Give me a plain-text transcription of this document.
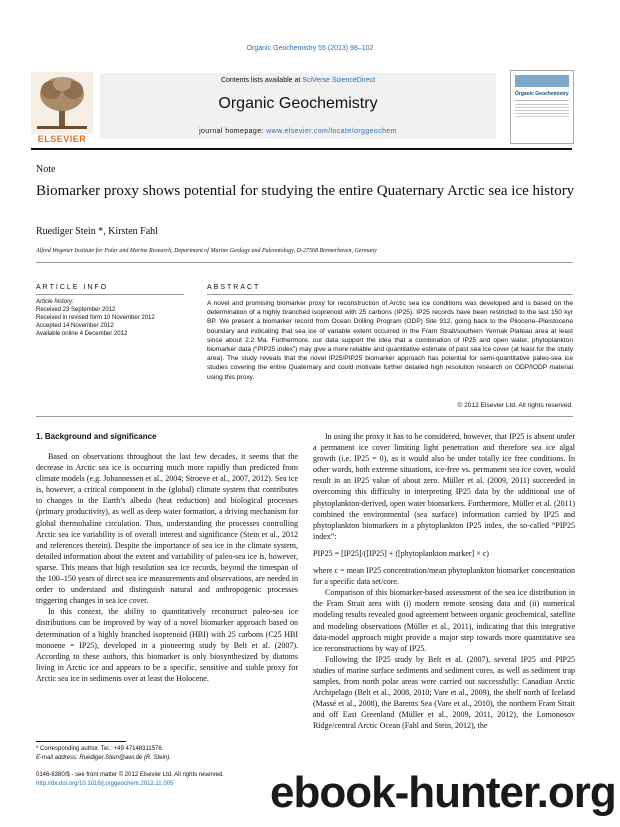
Organic Geochemistry 55 (2013) 98–102
ELSEVIER
Contents lists available at SciVerse ScienceDirect
Organic Geochemistry
journal homepage: www.elsevier.com/locate/orggeochem
Organic Geochemistry
Note
Biomarker proxy shows potential for studying the entire Quaternary Arctic sea ice history
Ruediger Stein *, Kirsten Fahl
Alfred Wegener Institute for Polar and Marine Research, Department of Marine Geology and Paleontology, D-27568 Bremerhaven, Germany
ARTICLE INFO	ABSTRACT
Article history:
Received 23 September 2012
Received in revised form 10 November 2012
Accepted 14 November 2012
Available online 4 December 2012
A novel and promising biomarker proxy for reconstruction of Arctic sea ice conditions was developed and is based on the determination of a highly branched isoprenoid with 25 carbons (IP25). IP25 records have been restricted to the last 150 kyr BP. We present a biomarker record from Ocean Drilling Program (ODP) Site 912, going back to the Pliocene–Pleistocene boundary and indicating that sea ice of variable extent occurred in the Fram Strait/southern Yermak Plateau area at least since about 2.2 Ma. Furthermore, our data support the idea that a combination of IP25 and open water, phytoplankton biomarker data (“PIP25 index”) may give a more reliable and quantitative estimate of past sea ice cover (at least for the study area). The study reveals that the novel IP25/PIP25 biomarker approach has potential for semi-quantitative paleo-sea ice studies covering the entire Quaternary and could motivate further detailed high resolution research on ODP/IODP material using this proxy.
© 2012 Elsevier Ltd. All rights reserved.
1. Background and significance

Based on observations throughout the last few decades, it seems that the decrease in Arctic sea ice is occurring much more rapidly than predicted from climate models (e.g. Johannessen et al., 2004; Stroeve et al., 2007, 2012). Sea ice is, however, a critical component in the (global) climate system that contributes to changes in the Earth’s albedo (heat reduction) and biological processes (primary productivity), as well as deep water formation, a driving mechanism for global thermohaline circulation. Thus, understanding the processes controlling Arctic sea ice variability is of overall interest and significance (Stein et al., 2012 and references therein). Despite the importance of sea ice in the climate system, detailed information about the extent and variability of paleo-sea ice is, however, sparse. This means that high resolution sea ice records, beyond the timespan of the 100–150 years of direct sea ice measurements and observations, are needed in order to understand and distinguish natural and anthropogenic processes triggering changes in sea ice cover.

In this context, the ability to quantitatively reconstruct paleo-sea ice distributions can be improved by way of a novel biomarker approach based on determination of a highly branched isoprenoid (HBI) with 25 carbons (C25 HBI monoene = IP25), developed in a pioneering study by Belt et al. (2007). According to these authors, this biomarker is only biosynthesized by diatoms living in Arctic ice and appears to be a specific, sensitive and stable proxy for Arctic sea ice in sediments over at least the Holocene.

In using the proxy it has to be considered, however, that IP25 is absent under a permanent ice cover limiting light penetration and therefore sea ice algal growth (i.e. IP25 = 0), as it would also be under totally ice free conditions. In other words, both extreme situations, ice-free vs. permanent sea ice cover, would result in an IP25 value of about zero. Müller et al. (2009, 2011) succeeded in overcoming this difficulty in interpreting IP25 data by the additional use of phytoplankton-derived, open water biomarkers. Furthermore, Müller et al. (2011) combined the environmental (sea surface) information carried by IP25 and phytoplankton biomarkers in a phytoplankton IP25 index, the so-called “PIP25 index”:

PIP25 = [IP25]/([IP25] + ([phytoplankton marker] × c)

where c = mean IP25 concentration/mean phytoplankton biomarker concentration for a specific data set/core.

Comparison of this biomarker-based assessment of the sea ice distribution in the Fram Strait area with (i) modern remote sensing data and (ii) numerical modeling results revealed good agreement between organic geochemical, satellite and modeling observations (Müller et al., 2011), indicating that this integrative data-model approach might provide a major step towards more quantitative sea ice reconstructions by way of IP25.

Following the IP25 study by Belt et al. (2007), several IP25 and PIP25 studies of marine surface sediments and sediment cores, as well as sediment trap samples, from north polar areas were carried out successfully: Canadian Arctic Archipelago (Belt et al., 2008, 2010; Vare et al., 2009), the shelf north of Iceland (Massé et al., 2008), the Barents Sea (Vare et al., 2010), the northern Fram Strait and off East Greenland (Müller et al., 2009, 2011, 2012), the Lomonosov Ridge/central Arctic Ocean (Fahl and Stein, 2012), the

* Corresponding author. Tel.: +49 47148311576.
E-mail address: Ruediger.Stein@awi.de (R. Stein).
0146-6380/$ - see front matter © 2012 Elsevier Ltd. All rights reserved.
http://dx.doi.org/10.1016/j.orggeochem.2012.11.005	ebook-hunter.org
